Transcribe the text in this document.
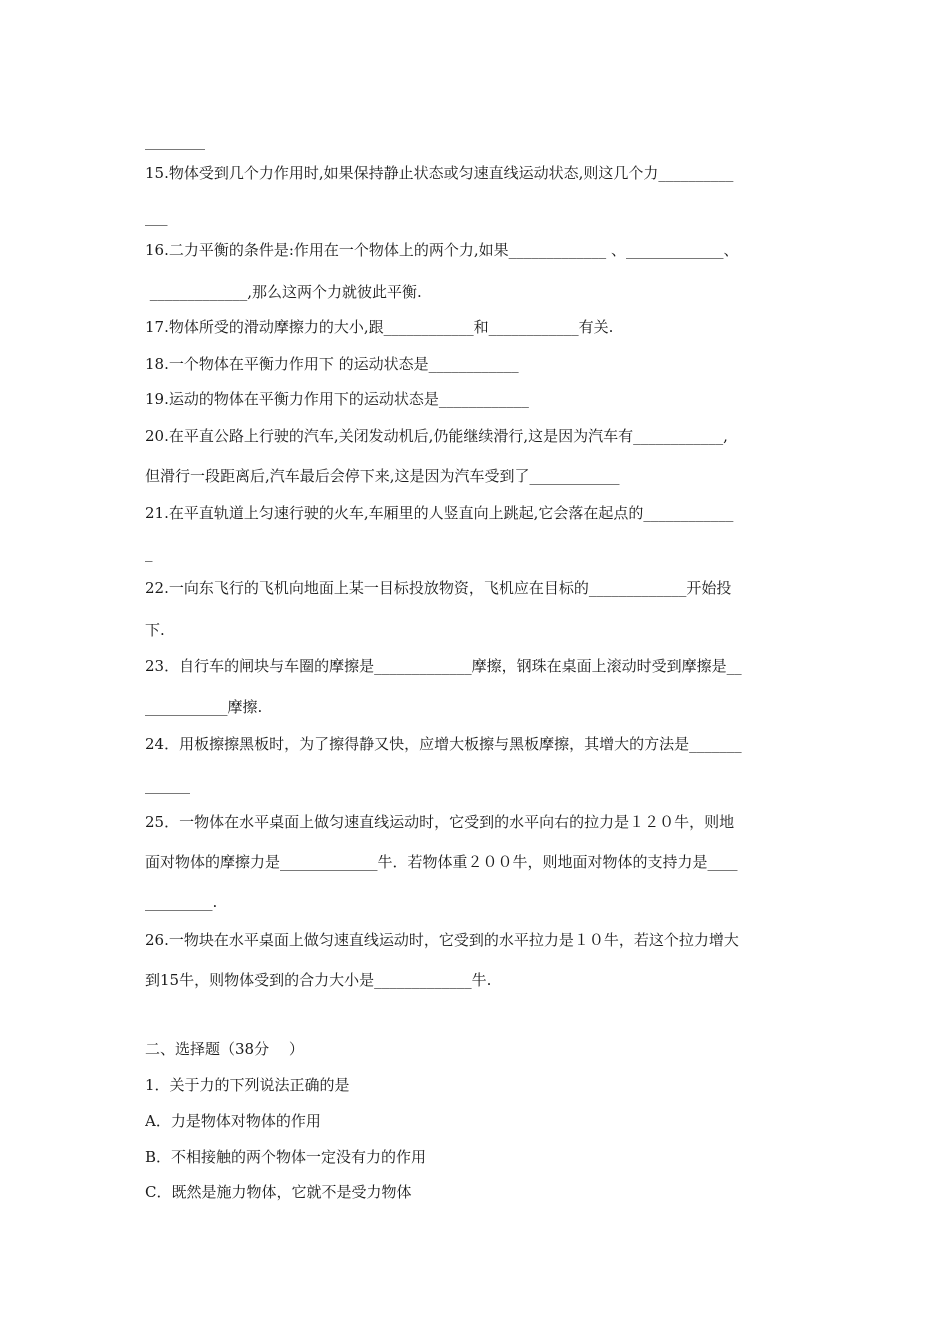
________
15.物体受到几个力作用时,如果保持静止状态或匀速直线运动状态,则这几个力__________
___
16.二力平衡的条件是:作用在一个物体上的两个力,如果_____________ 、_____________、
_____________,那么这两个力就彼此平衡.
17.物体所受的滑动摩擦力的大小,跟____________和____________有关.
18.一个物体在平衡力作用下 的运动状态是____________
19.运动的物体在平衡力作用下的运动状态是____________
20.在平直公路上行驶的汽车,关闭发动机后,仍能继续滑行,这是因为汽车有____________,
但滑行一段距离后,汽车最后会停下来,这是因为汽车受到了____________
21.在平直轨道上匀速行驶的火车,车厢里的人竖直向上跳起,它会落在起点的____________
_
22.一向东飞行的飞机向地面上某一目标投放物资，飞机应在目标的_____________开始投
下.
23．自行车的闸块与车圈的摩擦是_____________摩擦，钢珠在桌面上滚动时受到摩擦是__
___________摩擦.
24．用板擦擦黑板时，为了擦得静又快，应增大板擦与黑板摩擦，其增大的方法是_______
______
25．一物体在水平桌面上做匀速直线运动时，它受到的水平向右的拉力是１２０牛，则地
面对物体的摩擦力是_____________牛．若物体重２００牛，则地面对物体的支持力是____
_________.
26.一物块在水平桌面上做匀速直线运动时，它受到的水平拉力是１０牛，若这个拉力增大
到15牛，则物体受到的合力大小是_____________牛.
二、选择题（38分　 ）
1．关于力的下列说法正确的是
A．力是物体对物体的作用
B．不相接触的两个物体一定没有力的作用
C．既然是施力物体，它就不是受力物体
